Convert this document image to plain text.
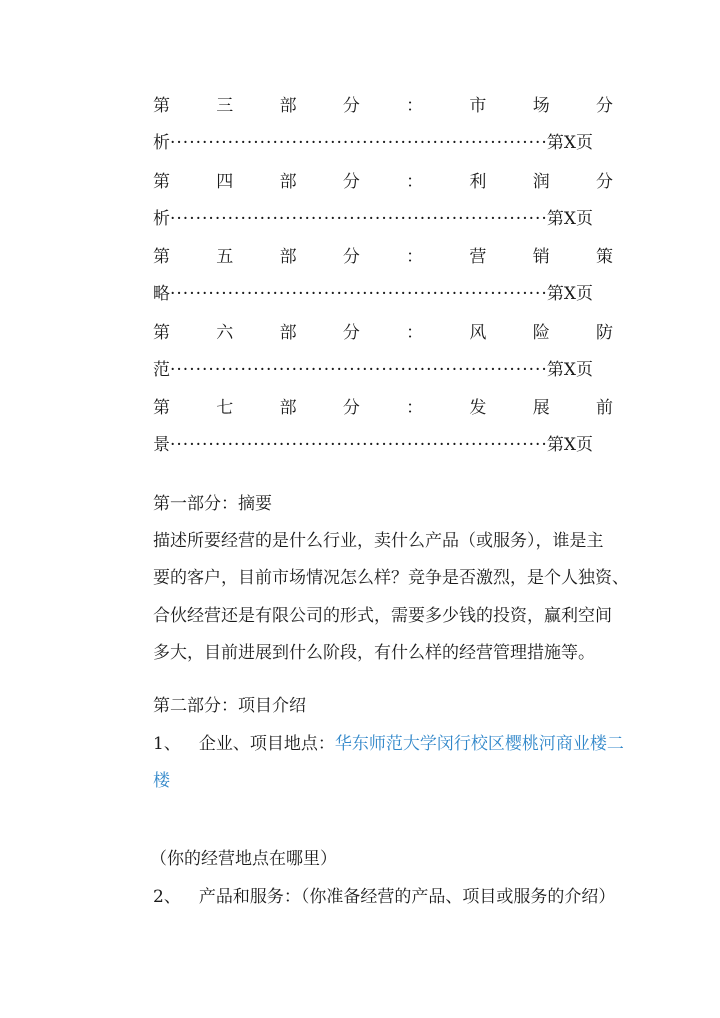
第	三	部	分	：	市	场	分
析 ·····	第X页
第	四	部	分	：	利	润	分
析 ·····	第X页
第	五	部	分	：	营	销	策
略 ·····	第X页
第	六	部	分	：	风	险	防
范 ·····	第X页
第	七	部	分	：	发	展	前
景 ·····	第X页
第一部分：摘要
描述所要经营的是什么行业，卖什么产品（或服务），谁是主
要的客户，目前市场情况怎么样？竞争是否激烈，是个人独资、
合伙经营还是有限公司的形式，需要多少钱的投资，赢利空间
多大，目前进展到什么阶段，有什么样的经营管理措施等。
第二部分：项目介绍
1、 企业、项目地点：华东师范大学闵行校区樱桃河商业楼二
楼
（你的经营地点在哪里）
2、 产品和服务：（你准备经营的产品、项目或服务的介绍）
